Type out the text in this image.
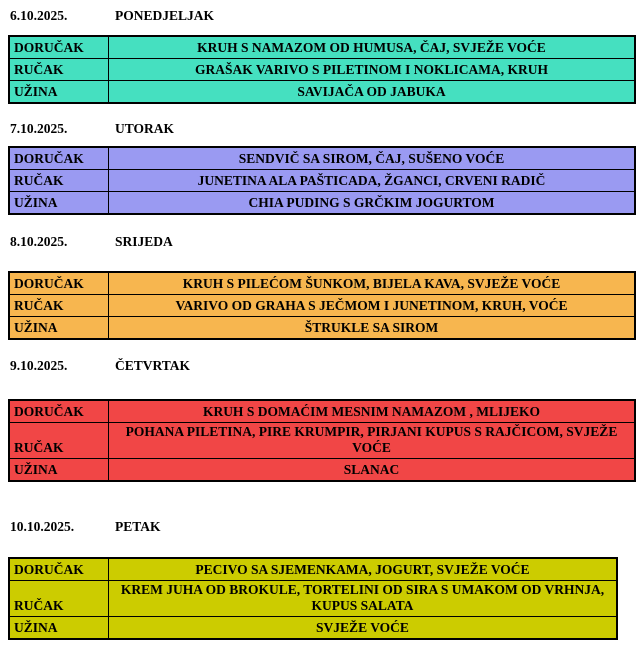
6.10.2025.	PONEDJELJAK

DORUČAK	KRUH S NAMAZOM OD HUMUSA, ČAJ, SVJEŽE VOĆE
RUČAK	GRAŠAK VARIVO S PILETINOM I NOKLICAMA, KRUH
UŽINA	SAVIJAČA OD JABUKA

7.10.2025.	UTORAK

DORUČAK	SENDVIČ SA SIROM, ČAJ, SUŠENO VOĆE
RUČAK	JUNETINA ALA PAŠTICADA, ŽGANCI, CRVENI RADIČ
UŽINA	CHIA PUDING S GRČKIM JOGURTOM

8.10.2025.	SRIJEDA

DORUČAK	KRUH S PILEĆOM ŠUNKOM, BIJELA KAVA, SVJEŽE VOĆE
RUČAK	VARIVO OD GRAHA S JEČMOM I JUNETINOM, KRUH, VOĆE
UŽINA	ŠTRUKLE SA SIROM

9.10.2025.	ČETVRTAK

DORUČAK	KRUH S DOMAĆIM MESNIM NAMAZOM , MLIJEKO
RUČAK	POHANA PILETINA, PIRE KRUMPIR, PIRJANI KUPUS S RAJČICOM, SVJEŽE VOĆE
UŽINA	SLANAC

10.10.2025.	PETAK

DORUČAK	PECIVO SA SJEMENKAMA, JOGURT, SVJEŽE VOĆE
RUČAK	KREM JUHA OD BROKULE, TORTELINI OD SIRA S UMAKOM OD VRHNJA, KUPUS SALATA
UŽINA	SVJEŽE VOĆE
